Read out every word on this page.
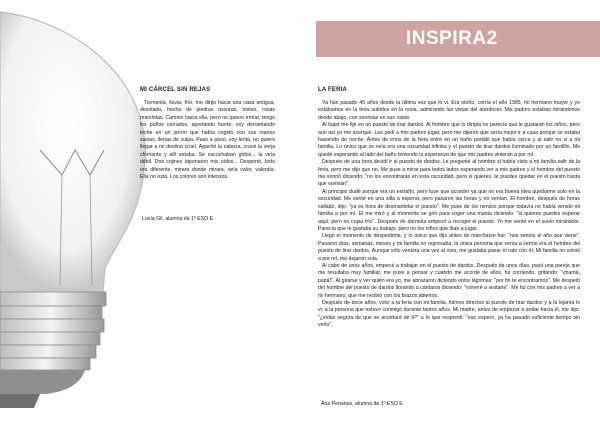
INSPIRA2
MI CÁRCEL SIN REJAS

Tormenta, lluvia, frío, me dirijo hacia una casa antigua, desolada, hecha de piedras oscuras, tristes, rosas marchitas. Camino hacia ella, pero no quiero entrar, tengo los puños cerrados, apretando fuerte, voy derramando leche en un jarrón que había cogido con sus manos sucias, llenas de culpa. Paso a paso, voy lenta, no quiero llegar a mi destino cruel. Agaché la cabeza, crucé la verja chirriante y allí estaba. Se escuchaban gritos... la veía débil. Dos cojines taponaron mis oídos... Desperté, todo era diferente, mirara donde mirara, veía valor, valentía. Ella no está. Los colores son intensos.

Lucía Gil, alumna de 1º ESO E
LA FERIA

Ya han pasado 45 años desde la última vez que lo vi. Era otoño, corría el año 1985, mi hermano mayor y yo estábamos en la feria subidos en la noria, admirando las vistas del atardecer. Mis padres estaban mirándonos desde abajo, con sonrisas en sus caras.

Al bajar me fijé en un puesto de tirar dardos. Al hombre que lo dirigía no parecía que le gustaran los niños, pero aun así yo me acerqué. Les pedí a mis padres jugar, pero me dijeron que sería mejor ir a casa porque se estaba haciendo de noche. Antes de irnos de la feria entré en un baño portátil que había cerca y al salir no vi a mi familia. Lo único que se veía era una oscuridad infinita y el puesto de tirar dardos iluminado por un farolillo. Me quedé esperando al lado del baño teniendo la esperanza de que mis padres vinieran a por mí.

Después de una hora decidí ir al puesto de dardos. Le pregunté al hombre si había visto a mi familia salir de la feria, pero me dijo que no. Me puse a mirar para todos lados esperando ver a mis padres y el hombre del puesto me sonrió diciendo: "no los encontrarás en esta oscuridad, pero si quieres, te puedes quedar en el puesto hasta que vuelvan".

Al principio dudé porque era un extraño, pero tuve que acceder ya que no era buena idea quedarme solo en la oscuridad. Me senté en una silla a esperar, pero pasaron las horas y no venían. El hombre, después de horas callado, dijo: "ya es hora de desmantelar el puesto". Me puse de los nervios porque todavía no había venido mi familia a por mí. El me miró y al momento se giró para coger una manta diciendo: "si quieres puedes esperar aquí, pero no cojas frío". Después de dármela empezó a recoger el puesto. Yo me senté en el suelo mirándolo. Parecía que le gustaba su trabajo, pero no los niños que iban a jugar.

Llegó el momento de despedirme, y lo único que dijo antes de marcharse fue: "nos vemos el año que viene". Pasaron días, semanas, meses y mi familia no regresaba, la única persona que venía a verme era el hombre del puesto de tirar dardos. Aunque sólo veníera una vez al mes, me gustaba pasar el rato con él. Mi familia no volvió a por mí, me dejaron sola.

Al cabo de unos años, empecé a trabajar en el puesto de dardos. Después de unos días, pasó una pareja que me resultaba muy familiar, me puse a pensar y cuando me acordé de ellos, fui corriendo, gritando: "¡mamá, papá!". Al girarse y ver quién era yo, me abrazaron diciendo entre lágrimas: "por fin te encontramos". Me despedí del hombre del puesto de dardos llorando a cántaros diciendo: "volveré a visitarte". Me fui con mis padres a ver a mi hermano, que me recibió con los brazos abiertos.

Después de doce años, volví a la feria con mi familia, fuimos directos al puesto de tirar dardos y a la lejanía lo vi, a la persona que estuvo conmigo durante tantos años. Mi madre, antes de empezar a andar hacia él, me dijo: "¿estás segura de que se acordará de ti?" a lo que respondí: "eso espero, ya ha pasado suficiente tiempo sin verlo".

Ana Perianes, alumna de 1º ESO E
